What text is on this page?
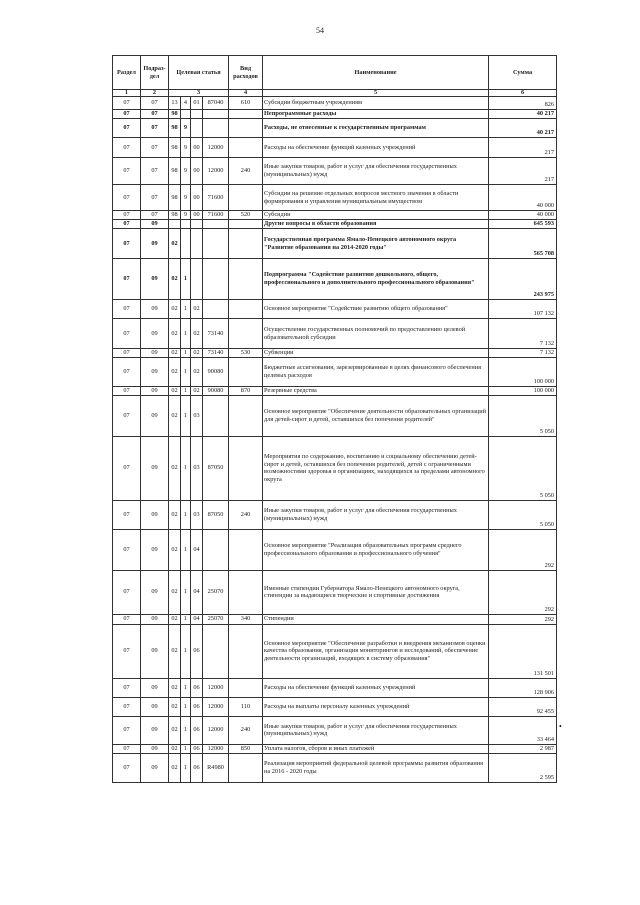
54
Раздел	Подраз-дел	Целевая статья				Вид расходов	Наименование	Сумма
1	2	3				4	5	6
07	07	13	4	01	87040	610	Субсидии бюджетным учреждениям	826
07	07	98					Непрограммные расходы	40 217
07	07	98	9				Расходы, не отнесенные к государственным программам	40 217
07	07	98	9	00	12000		Расходы на обеспечение функций казенных учреждений	217
07	07	98	9	00	12000	240	Иные закупки товаров, работ и услуг для обеспечения государственных (муниципальных) нужд	217
07	07	98	9	00	71600		Субсидии на решение отдельных вопросов местного значения в области формирования и управления муниципальным имуществом	40 000
07	07	98	9	00	71600	520	Субсидии	40 000
07	09						Другие вопросы в области образования	645 593
07	09	02					Государственная программа Ямало-Ненецкого автономного округа "Развитие образования на 2014-2020 годы"	565 708
07	09	02	1				Подпрограмма "Содействие развитию дошкольного, общего, профессионального и дополнительного профессионального образования"	243 975
07	09	02	1	02			Основное мероприятие "Содействие развитию общего образования"	107 132
07	09	02	1	02	73140		Осуществление государственных полномочий по предоставлению целевой образовательной субсидии	7 132
07	09	02	1	02	73140	530	Субвенции	7 132
07	09	02	1	02	90080		Бюджетные ассигнования, зарезервированные в целях финансового обеспечения целевых расходов	100 000
07	09	02	1	02	90080	870	Резервные средства	100 000
07	09	02	1	03			Основное мероприятие "Обеспечение деятельности образовательных организаций для детей-сирот и детей, оставшихся без попечения родителей"	5 050
07	09	02	1	03	87050		Мероприятия по содержанию, воспитанию и социальному обеспечению детей-сирот и детей, оставшихся без попечения родителей, детей с ограниченными возможностями здоровья в организациях, находящихся за пределами автономного округа	5 050
07	09	02	1	03	87050	240	Иные закупки товаров, работ и услуг для обеспечения государственных (муниципальных) нужд	5 050
07	09	02	1	04			Основное мероприятие "Реализация образовательных программ среднего профессионального образования и профессионального обучения"	292
07	09	02	1	04	25070		Именные стипендии Губернатора Ямало-Ненецкого автономного округа, стипендии за выдающиеся творческие и спортивные достижения	292
07	09	02	1	04	25070	340	Стипендии	292
07	09	02	1	06			Основное мероприятие "Обеспечение разработки и внедрения механизмов оценки качества образования, организация мониторингов и исследований, обеспечение деятельности организаций, входящих в систему образования"	131 501
07	09	02	1	06	12000		Расходы на обеспечение функций казенных учреждений	128 906
07	09	02	1	06	12000	110	Расходы на выплаты персоналу казенных учреждений	92 455
07	09	02	1	06	12000	240	Иные закупки товаров, работ и услуг для обеспечения государственных (муниципальных) нужд	33 464
07	09	02	1	06	12000	850	Уплата налогов, сборов и иных платежей	2 987
07	09	02	1	06	R4980		Реализация мероприятий федеральной целевой программы развития образования на 2016 - 2020 годы	2 595
•
